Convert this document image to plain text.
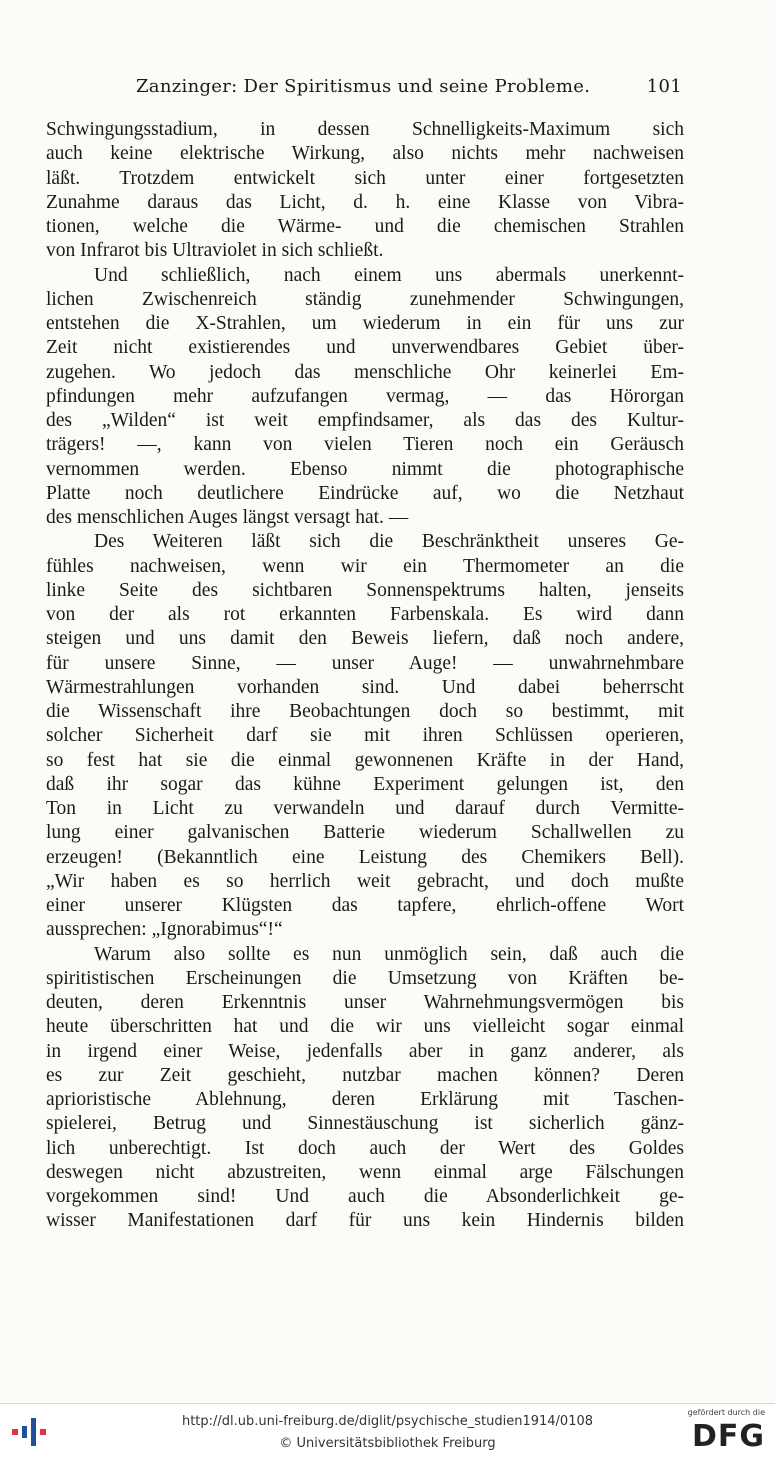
Zanzinger: Der Spiritismus und seine Probleme.	101
Schwingungsstadium, in dessen Schnelligkeits-Maximum sich
auch keine elektrische Wirkung, also nichts mehr nachweisen
läßt. Trotzdem entwickelt sich unter einer fortgesetzten
Zunahme daraus das Licht, d. h. eine Klasse von Vibra-
tionen, welche die Wärme- und die chemischen Strahlen
von Infrarot bis Ultraviolet in sich schließt.
Und schließlich, nach einem uns abermals unerkennt-
lichen Zwischenreich ständig zunehmender Schwingungen,
entstehen die X-Strahlen, um wiederum in ein für uns zur
Zeit nicht existierendes und unverwendbares Gebiet über-
zugehen. Wo jedoch das menschliche Ohr keinerlei Em-
pfindungen mehr aufzufangen vermag, — das Hörorgan
des „Wilden“ ist weit empfindsamer, als das des Kultur-
trägers! —, kann von vielen Tieren noch ein Geräusch
vernommen werden. Ebenso nimmt die photographische
Platte noch deutlichere Eindrücke auf, wo die Netzhaut
des menschlichen Auges längst versagt hat. —
Des Weiteren läßt sich die Beschränktheit unseres Ge-
fühles nachweisen, wenn wir ein Thermometer an die
linke Seite des sichtbaren Sonnenspektrums halten, jenseits
von der als rot erkannten Farbenskala. Es wird dann
steigen und uns damit den Beweis liefern, daß noch andere,
für unsere Sinne, — unser Auge! — unwahrnehmbare
Wärmestrahlungen vorhanden sind. Und dabei beherrscht
die Wissenschaft ihre Beobachtungen doch so bestimmt, mit
solcher Sicherheit darf sie mit ihren Schlüssen operieren,
so fest hat sie die einmal gewonnenen Kräfte in der Hand,
daß ihr sogar das kühne Experiment gelungen ist, den
Ton in Licht zu verwandeln und darauf durch Vermitte-
lung einer galvanischen Batterie wiederum Schallwellen zu
erzeugen! (Bekanntlich eine Leistung des Chemikers Bell).
„Wir haben es so herrlich weit gebracht, und doch mußte
einer unserer Klügsten das tapfere, ehrlich-offene Wort
aussprechen: „Ignorabimus“!“
Warum also sollte es nun unmöglich sein, daß auch die
spiritistischen Erscheinungen die Umsetzung von Kräften be-
deuten, deren Erkenntnis unser Wahrnehmungsvermögen bis
heute überschritten hat und die wir uns vielleicht sogar einmal
in irgend einer Weise, jedenfalls aber in ganz anderer, als
es zur Zeit geschieht, nutzbar machen können? Deren
aprioristische Ablehnung, deren Erklärung mit Taschen-
spielerei, Betrug und Sinnestäuschung ist sicherlich gänz-
lich unberechtigt. Ist doch auch der Wert des Goldes
deswegen nicht abzustreiten, wenn einmal arge Fälschungen
vorgekommen sind! Und auch die Absonderlichkeit ge-
wisser Manifestationen darf für uns kein Hindernis bilden
http://dl.ub.uni-freiburg.de/diglit/psychische_studien1914/0108
© Universitätsbibliothek Freiburg
gefördert durch die
DFG
